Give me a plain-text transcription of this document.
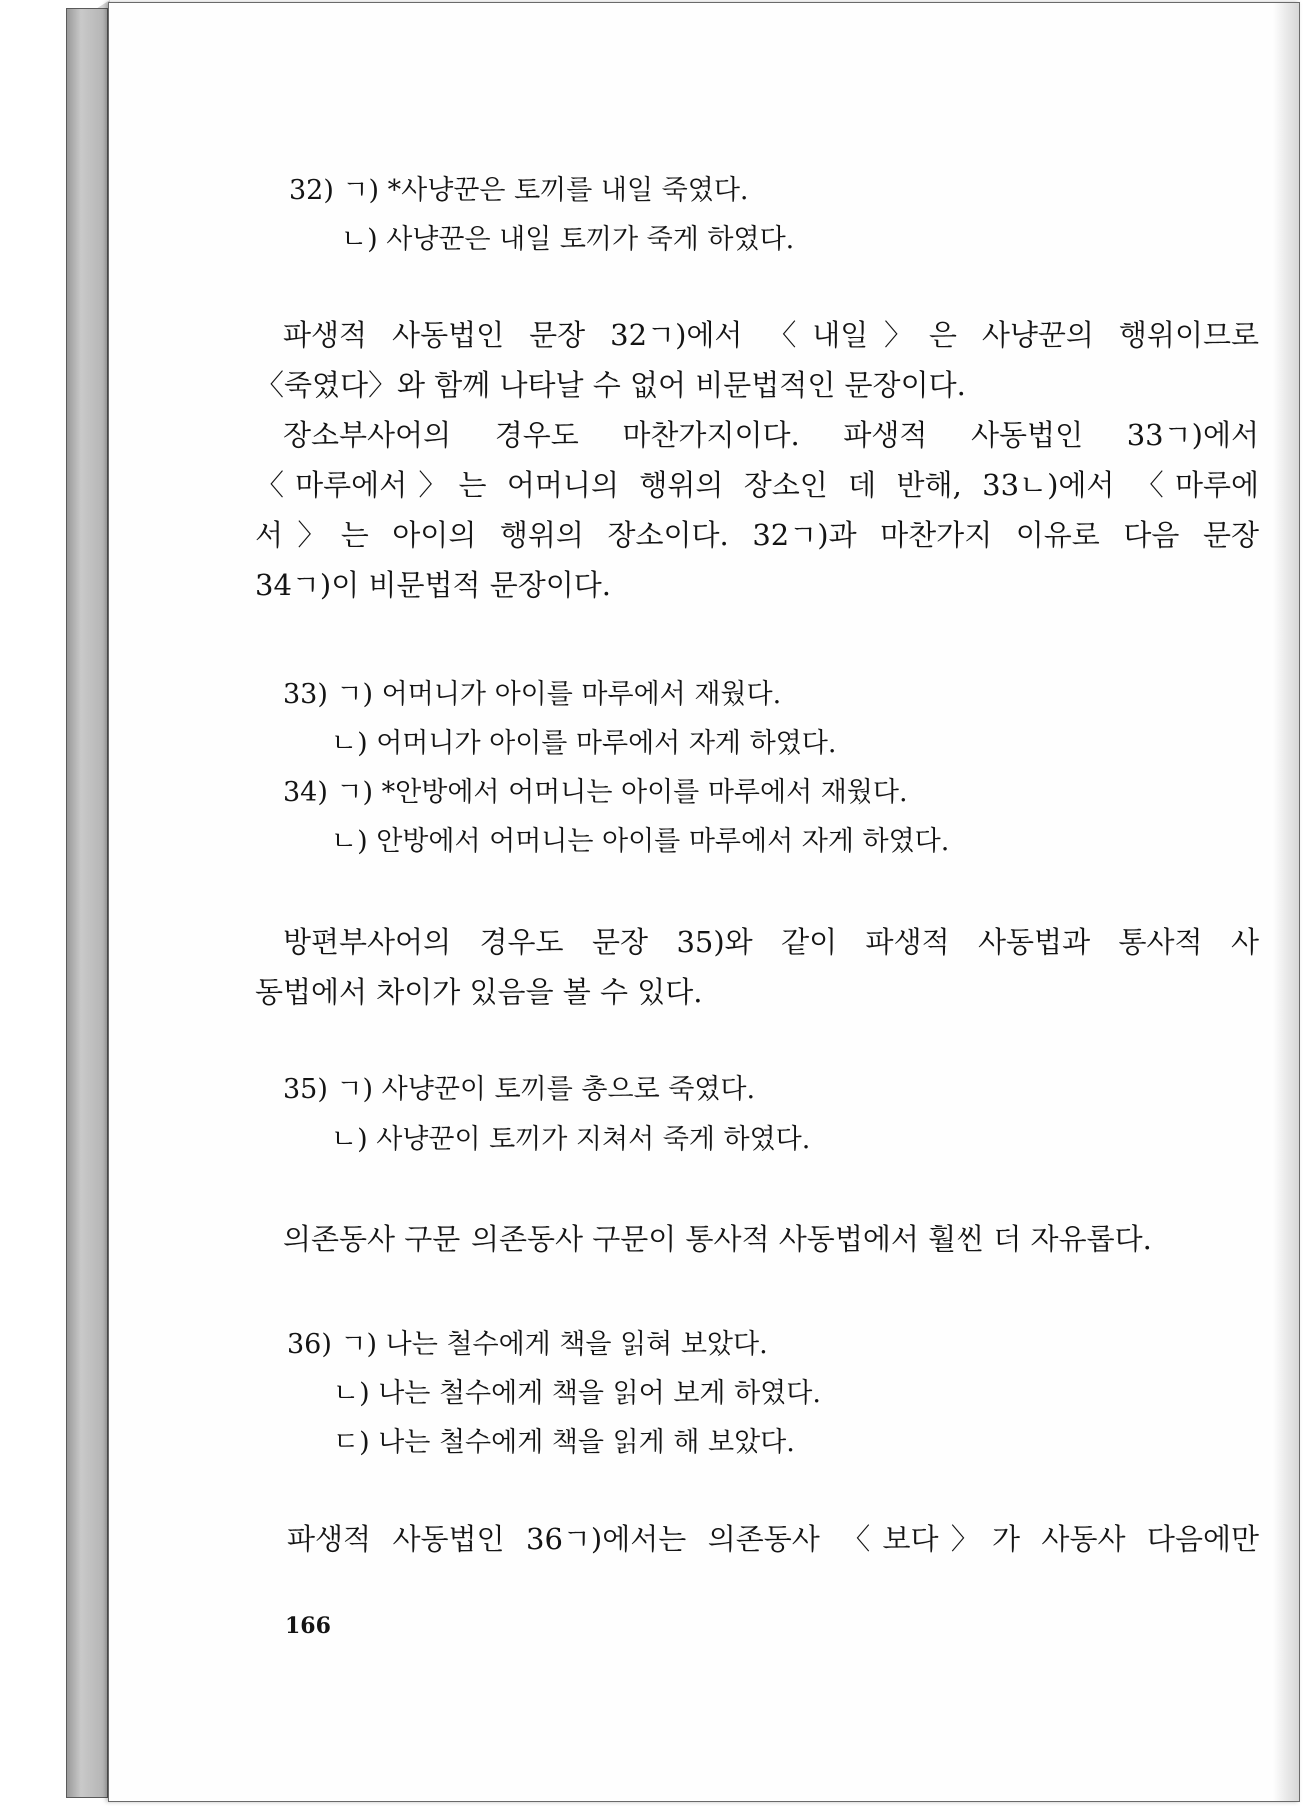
32) ㄱ) *사냥꾼은 토끼를 내일 죽였다.
ㄴ) 사냥꾼은 내일 토끼가 죽게 하였다.
파생적 사동법인 문장 32ㄱ)에서 〈내일〉은 사냥꾼의 행위이므로
〈죽였다〉와 함께 나타날 수 없어 비문법적인 문장이다.
장소부사어의 경우도 마찬가지이다. 파생적 사동법인 33ㄱ)에서
〈마루에서〉는 어머니의 행위의 장소인 데 반해, 33ㄴ)에서 〈마루에
서〉는 아이의 행위의 장소이다. 32ㄱ)과 마찬가지 이유로 다음 문장
34ㄱ)이 비문법적 문장이다.
33) ㄱ) 어머니가 아이를 마루에서 재웠다.
ㄴ) 어머니가 아이를 마루에서 자게 하였다.
34) ㄱ) *안방에서 어머니는 아이를 마루에서 재웠다.
ㄴ) 안방에서 어머니는 아이를 마루에서 자게 하였다.
방편부사어의 경우도 문장 35)와 같이 파생적 사동법과 통사적 사
동법에서 차이가 있음을 볼 수 있다.
35) ㄱ) 사냥꾼이 토끼를 총으로 죽였다.
ㄴ) 사냥꾼이 토끼가 지쳐서 죽게 하였다.
의존동사 구문 의존동사 구문이 통사적 사동법에서 훨씬 더 자유롭다.
36) ㄱ) 나는 철수에게 책을 읽혀 보았다.
ㄴ) 나는 철수에게 책을 읽어 보게 하였다.
ㄷ) 나는 철수에게 책을 읽게 해 보았다.
파생적 사동법인 36ㄱ)에서는 의존동사 〈보다〉가 사동사 다음에만
166
